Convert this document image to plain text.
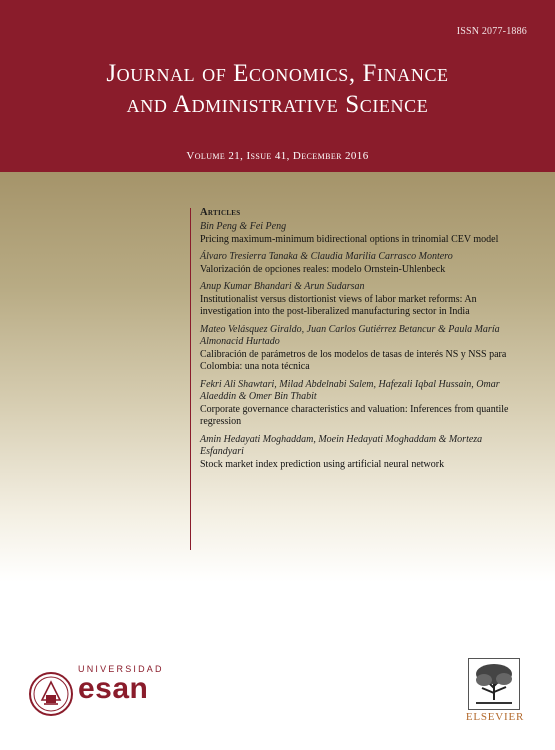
ISSN 2077-1886
Journal of Economics, Finance
and Administrative Science
Volume 21, Issue 41, December 2016
Articles
Bin Peng & Fei Peng
Pricing maximum-minimum bidirectional options in trinomial CEV model
Álvaro Tresierra Tanaka & Claudia Marilia Carrasco Montero
Valorización de opciones reales: modelo Ornstein-Uhlenbeck
Anup Kumar Bhandari & Arun Sudarsan
Institutionalist versus distortionist views of labor market reforms: An investigation into the post-liberalized manufacturing sector in India
Mateo Velásquez Giraldo, Juan Carlos Gutiérrez Betancur & Paula María Almonacid Hurtado
Calibración de parámetros de los modelos de tasas de interés NS y NSS para Colombia: una nota técnica
Fekri Ali Shawtari, Milad Abdelnabi Salem, Hafezali Iqbal Hussain, Omar Alaeddin & Omer Bin Thabit
Corporate governance characteristics and valuation: Inferences from quantile regression
Amin Hedayati Moghaddam, Moein Hedayati Moghaddam & Morteza Esfandyari
Stock market index prediction using artificial neural network
UNIVERSIDAD
esan
ELSEVIER
